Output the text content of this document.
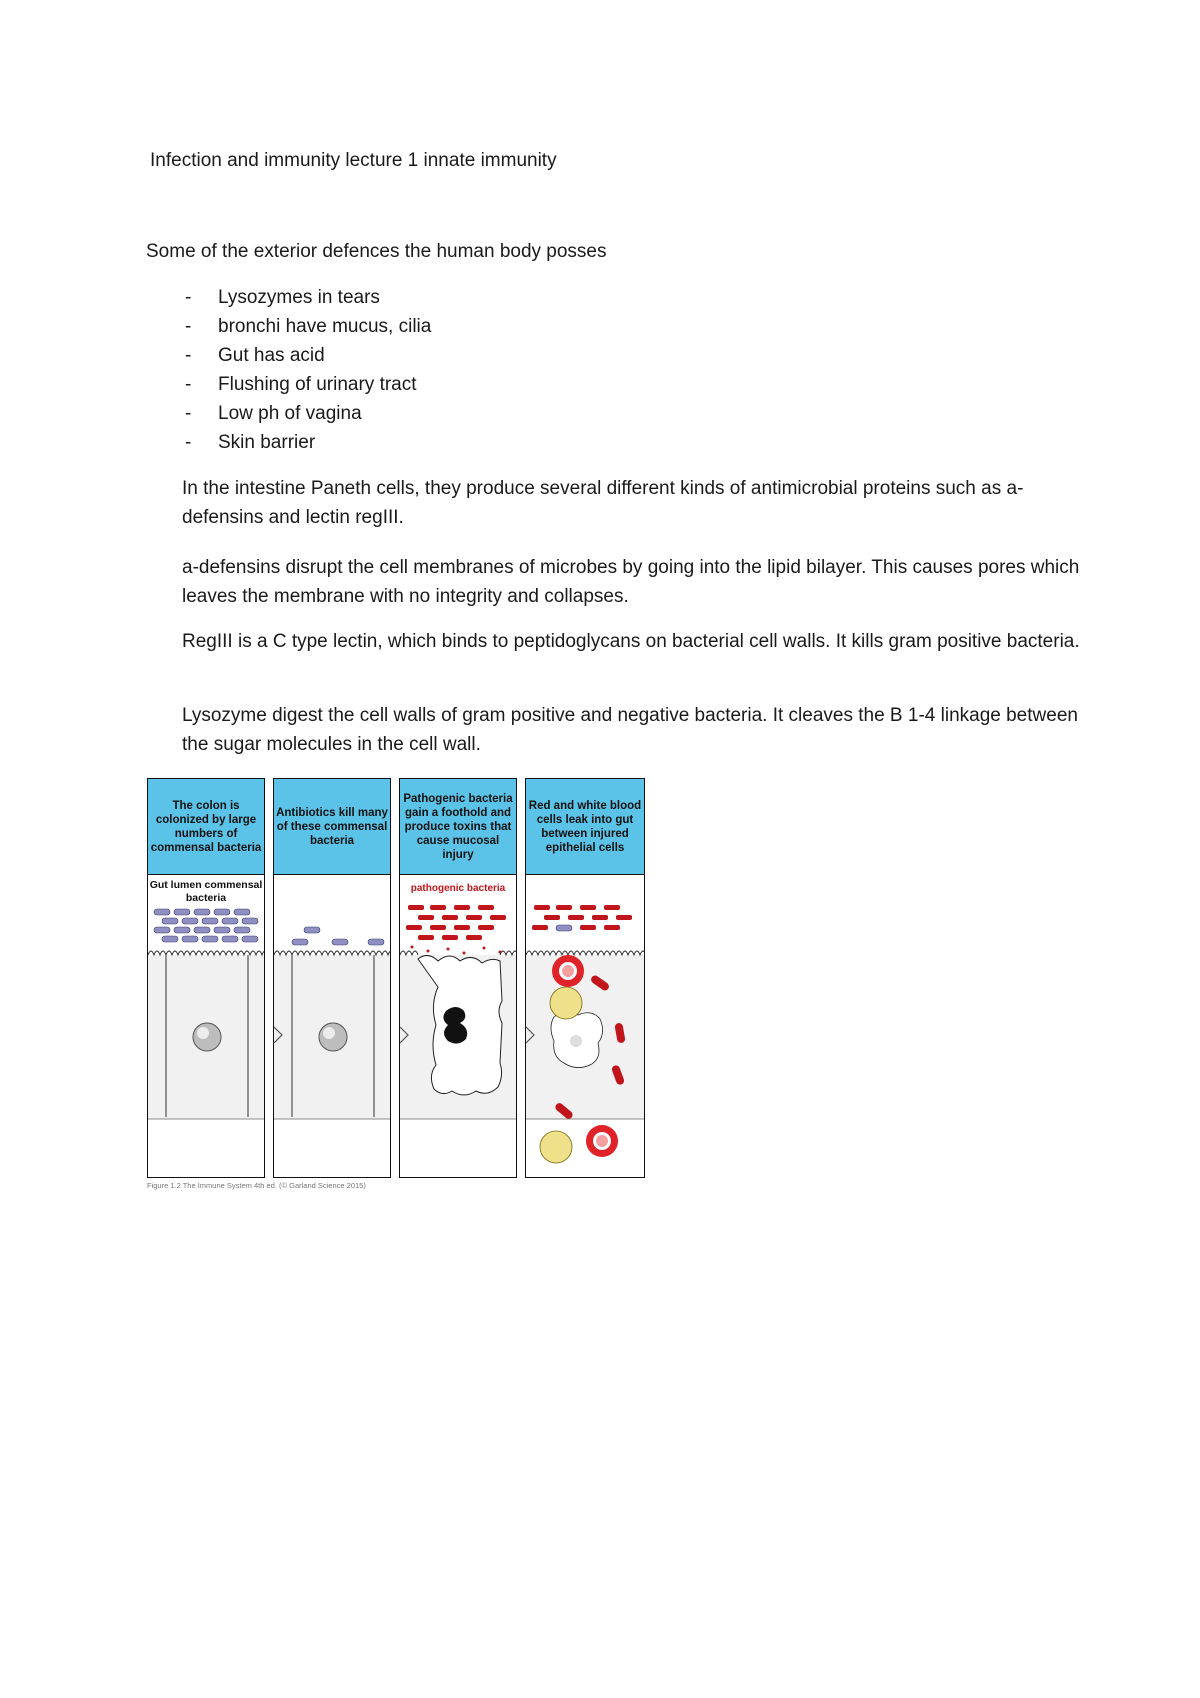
Infection and immunity lecture 1 innate immunity
Some of the exterior defences the human body posses
- Lysozymes in tears
- bronchi have mucus, cilia
- Gut has acid
- Flushing of urinary tract
- Low ph of vagina
- Skin barrier

In the intestine Paneth cells, they produce several different kinds of antimicrobial proteins such as a-defensins and lectin regIII.

a-defensins disrupt the cell membranes of microbes by going into the lipid bilayer. This causes pores which leaves the membrane with no integrity and collapses.

RegIII is a C type lectin, which binds to peptidoglycans on bacterial cell walls. It kills gram positive bacteria.

Lysozyme digest the cell walls of gram positive and negative bacteria. It cleaves the B 1-4 linkage between the sugar molecules in the cell wall.

The colon is colonized by large numbers of commensal bacteria
Gut lumen commensal bacteria
Antibiotics kill many of these commensal bacteria
Pathogenic bacteria gain a foothold and produce toxins that cause mucosal injury
pathogenic bacteria
Red and white blood cells leak into gut between injured epithelial cells
Figure 1.2 The Immune System 4th ed. (© Garland Science 2015)
